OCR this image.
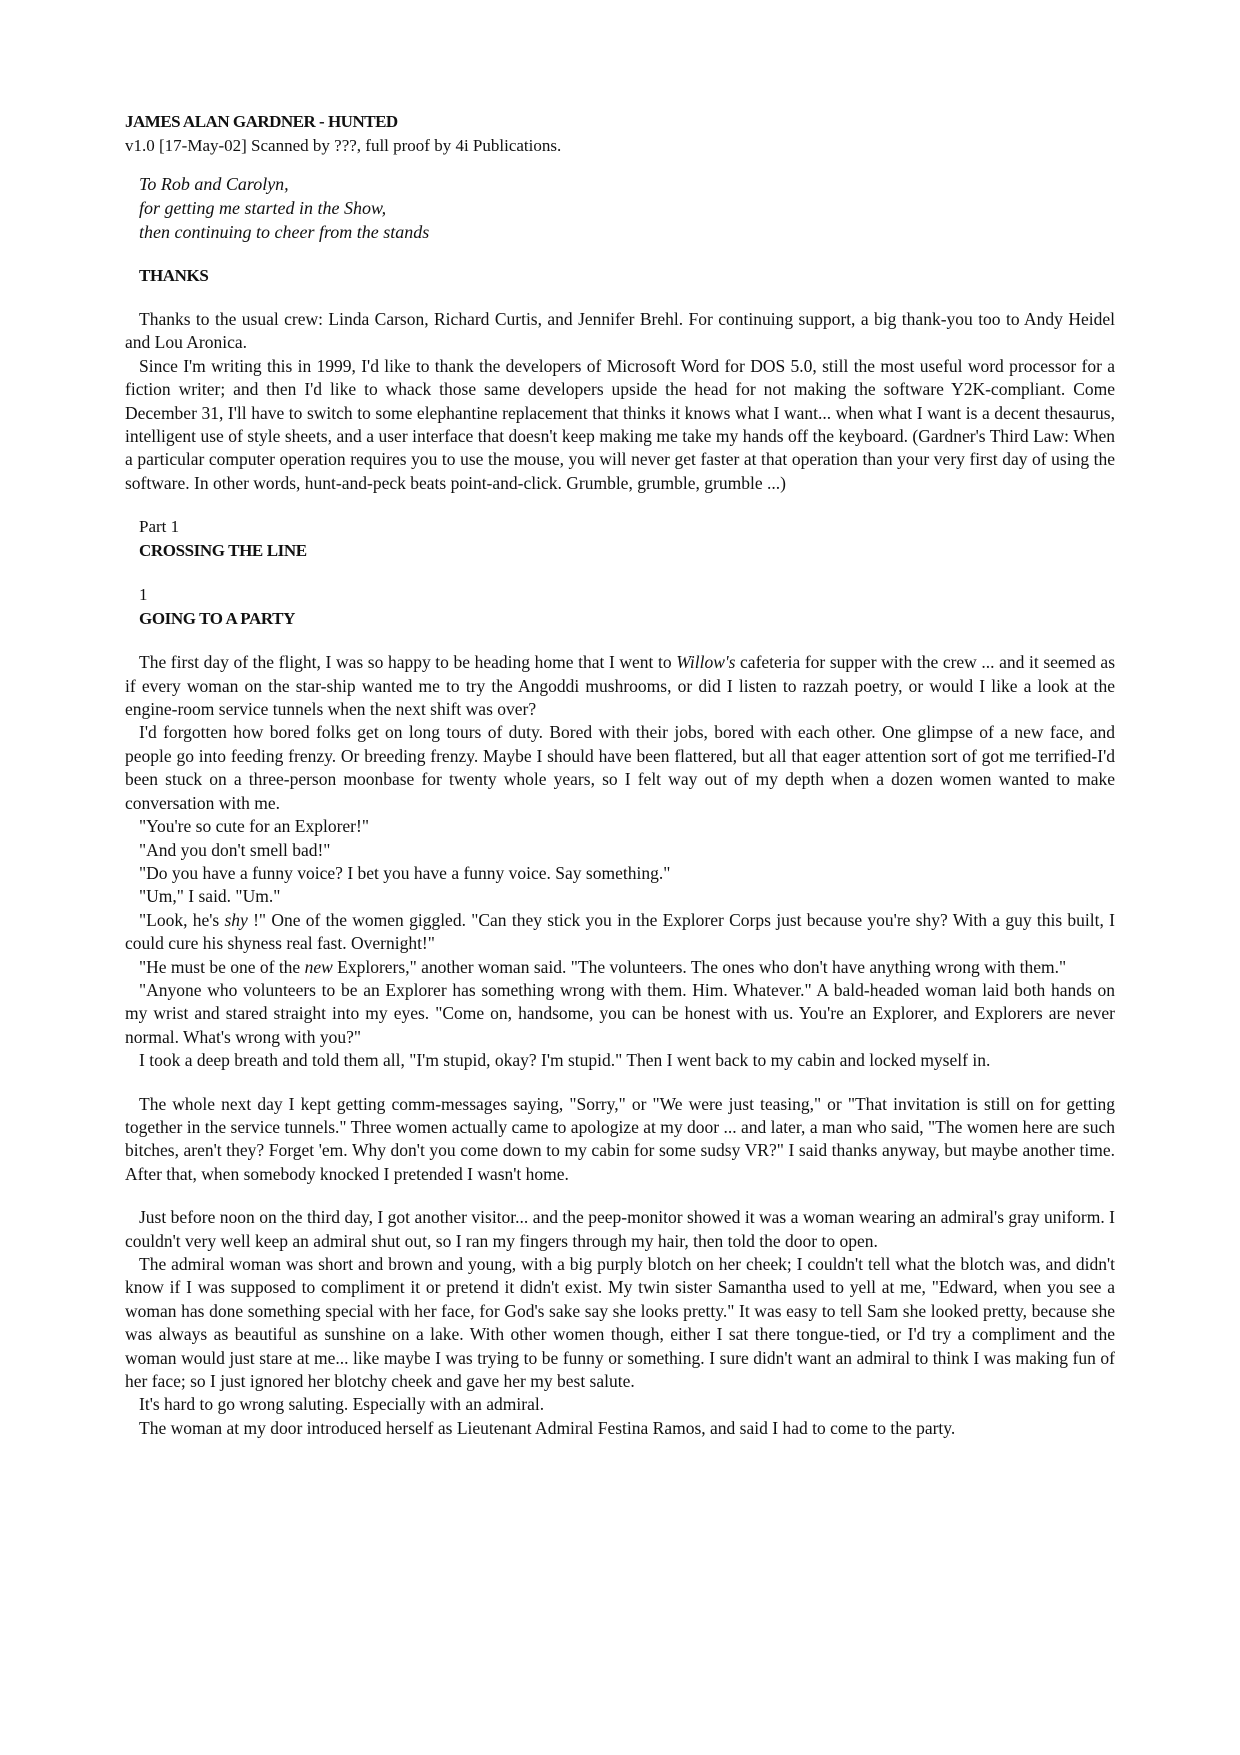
JAMES ALAN GARDNER - HUNTED
v1.0 [17-May-02] Scanned by ???, full proof by 4i Publications.
To Rob and Carolyn,
for getting me started in the Show,
then continuing to cheer from the stands
THANKS

Thanks to the usual crew: Linda Carson, Richard Curtis, and Jennifer Brehl. For continuing support, a big thank-you too to Andy Heidel and Lou Aronica.

Since I'm writing this in 1999, I'd like to thank the developers of Microsoft Word for DOS 5.0, still the most useful word processor for a fiction writer; and then I'd like to whack those same developers upside the head for not making the software Y2K-compliant. Come December 31, I'll have to switch to some elephantine replacement that thinks it knows what I want... when what I want is a decent thesaurus, intelligent use of style sheets, and a user interface that doesn't keep making me take my hands off the keyboard. (Gardner's Third Law: When a particular computer operation requires you to use the mouse, you will never get faster at that operation than your very first day of using the software. In other words, hunt-and-peck beats point-and-click. Grumble, grumble, grumble ...)

Part 1
CROSSING THE LINE
1
GOING TO A PARTY

The first day of the flight, I was so happy to be heading home that I went to Willow's cafeteria for supper with the crew ... and it seemed as if every woman on the star-ship wanted me to try the Angoddi mushrooms, or did I listen to razzah poetry, or would I like a look at the engine-room service tunnels when the next shift was over?

I'd forgotten how bored folks get on long tours of duty. Bored with their jobs, bored with each other. One glimpse of a new face, and people go into feeding frenzy. Or breeding frenzy. Maybe I should have been flattered, but all that eager attention sort of got me terrified-I'd been stuck on a three-person moonbase for twenty whole years, so I felt way out of my depth when a dozen women wanted to make conversation with me.

"You're so cute for an Explorer!"

"And you don't smell bad!"

"Do you have a funny voice? I bet you have a funny voice. Say something."

"Um," I said. "Um."

"Look, he's shy !" One of the women giggled. "Can they stick you in the Explorer Corps just because you're shy? With a guy this built, I could cure his shyness real fast. Overnight!"

"He must be one of the new Explorers," another woman said. "The volunteers. The ones who don't have anything wrong with them."

"Anyone who volunteers to be an Explorer has something wrong with them. Him. Whatever." A bald-headed woman laid both hands on my wrist and stared straight into my eyes. "Come on, handsome, you can be honest with us. You're an Explorer, and Explorers are never normal. What's wrong with you?"

I took a deep breath and told them all, "I'm stupid, okay? I'm stupid." Then I went back to my cabin and locked myself in.

The whole next day I kept getting comm-messages saying, "Sorry," or "We were just teasing," or "That invitation is still on for getting together in the service tunnels." Three women actually came to apologize at my door ... and later, a man who said, "The women here are such bitches, aren't they? Forget 'em. Why don't you come down to my cabin for some sudsy VR?" I said thanks anyway, but maybe another time. After that, when somebody knocked I pretended I wasn't home.

Just before noon on the third day, I got another visitor... and the peep-monitor showed it was a woman wearing an admiral's gray uniform. I couldn't very well keep an admiral shut out, so I ran my fingers through my hair, then told the door to open.

The admiral woman was short and brown and young, with a big purply blotch on her cheek; I couldn't tell what the blotch was, and didn't know if I was supposed to compliment it or pretend it didn't exist. My twin sister Samantha used to yell at me, "Edward, when you see a woman has done something special with her face, for God's sake say she looks pretty." It was easy to tell Sam she looked pretty, because she was always as beautiful as sunshine on a lake. With other women though, either I sat there tongue-tied, or I'd try a compliment and the woman would just stare at me... like maybe I was trying to be funny or something. I sure didn't want an admiral to think I was making fun of her face; so I just ignored her blotchy cheek and gave her my best salute.

It's hard to go wrong saluting. Especially with an admiral.

The woman at my door introduced herself as Lieutenant Admiral Festina Ramos, and said I had to come to the party.
